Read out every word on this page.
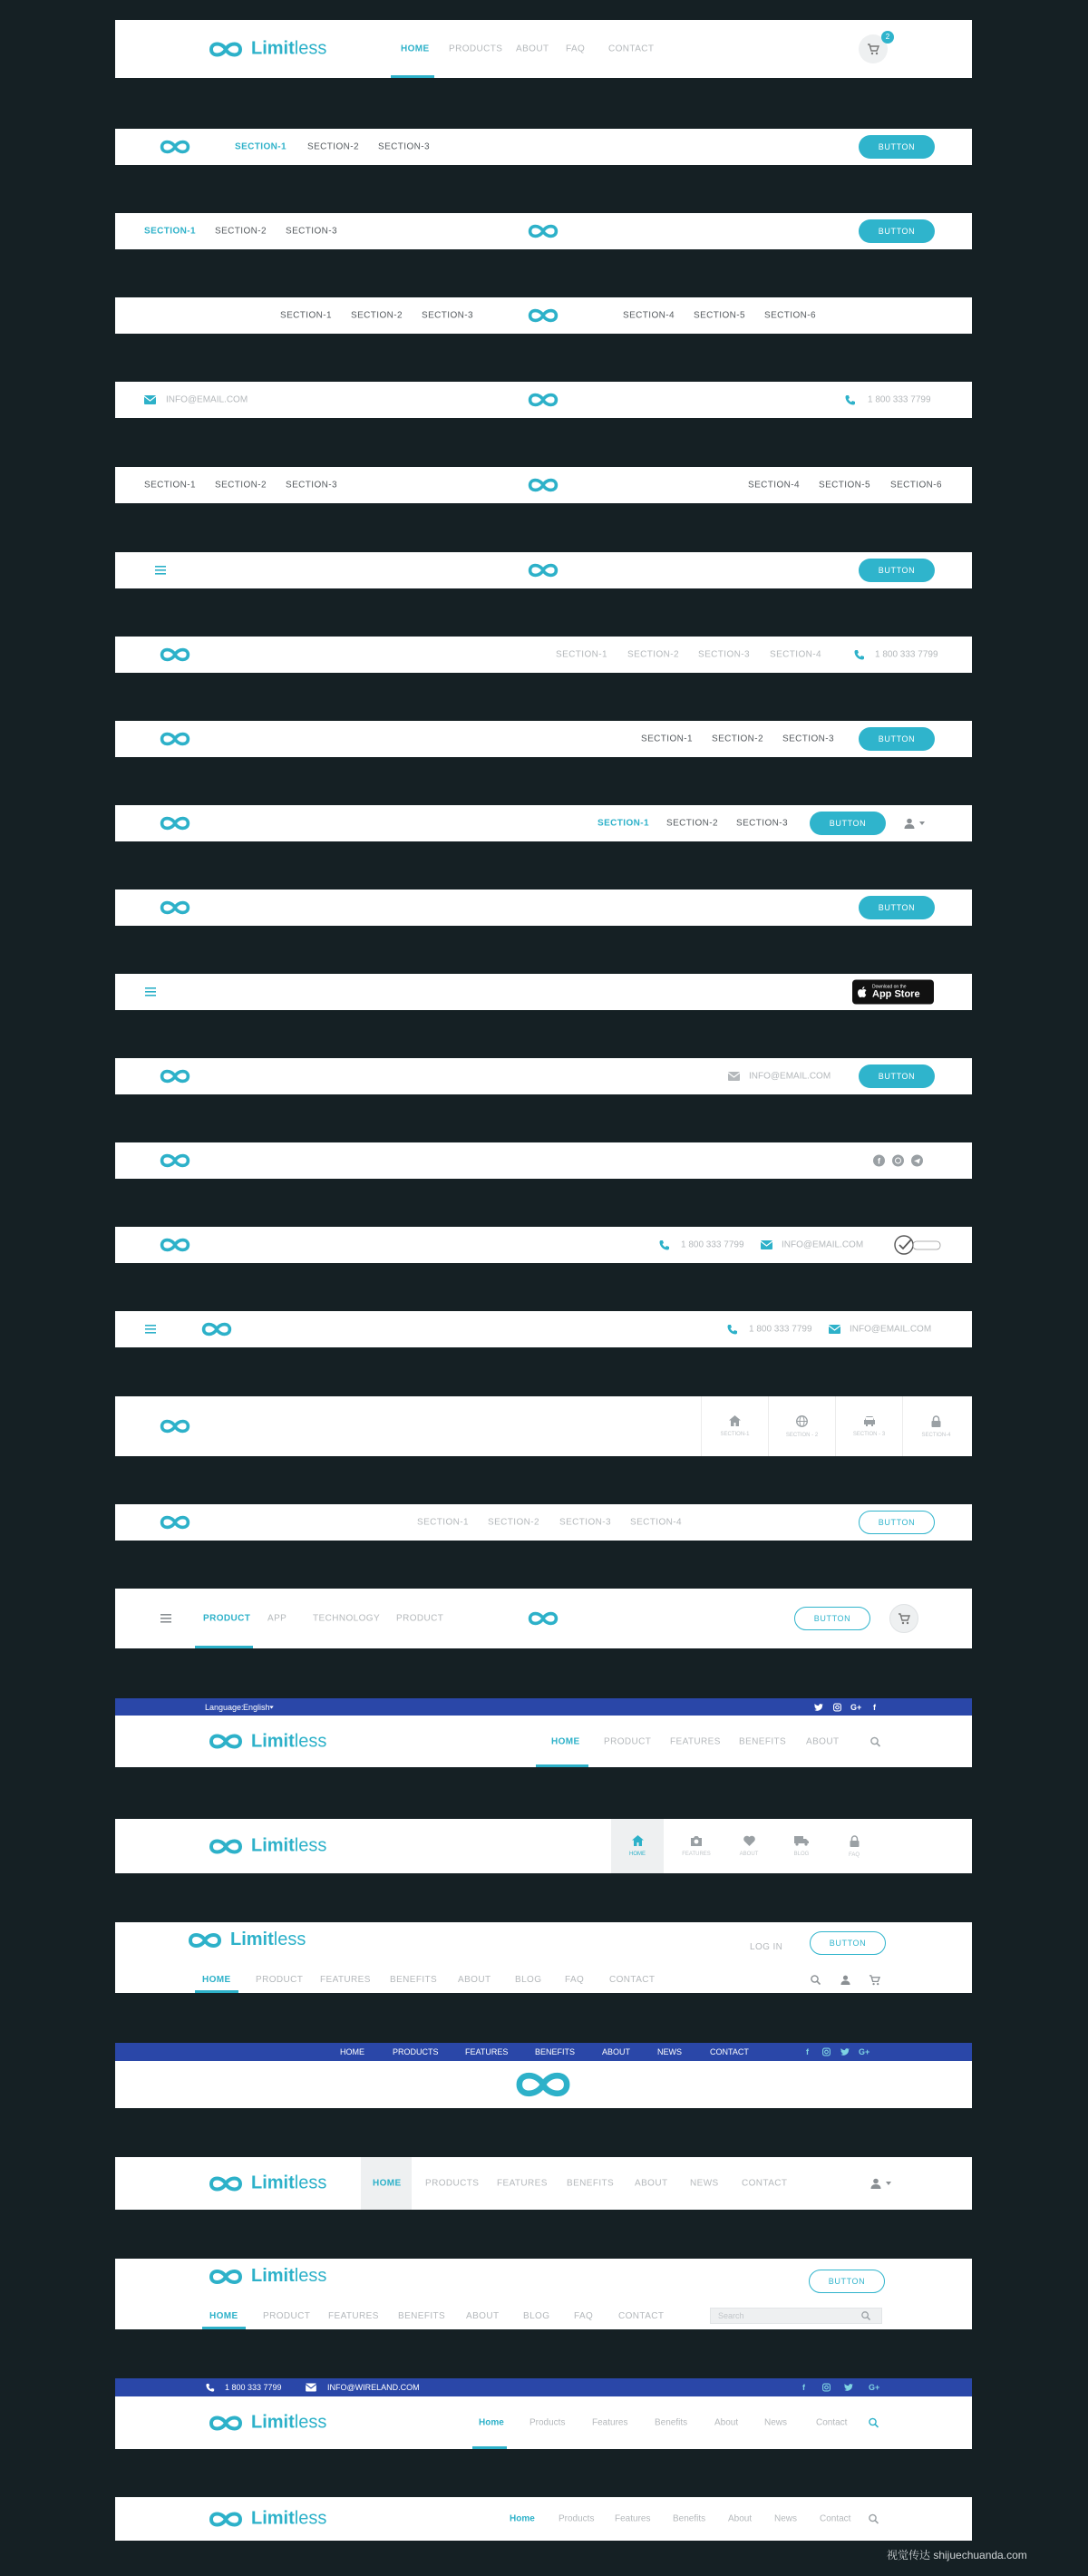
Limitless	HOME PRODUCTS ABOUT FAQ	CONTACT
2
SECTION-1 SECTION-2 SECTION-3	BUTTON
SECTION-1 SECTION-2 SECTION-3	BUTTON
SECTION-1 SECTION-2 SECTION-3	SECTION-4 SECTION-5 SECTION-6
INFO@EMAIL.COM	1 800 333 7799
SECTION-1 SECTION-2 SECTION-3	SECTION-4 SECTION-5 SECTION-6
BUTTON
SECTION-1 SECTION-2 SECTION-3 SECTION-4	1 800 333 7799
SECTION-1 SECTION-2 SECTION-3	BUTTON
SECTION-1 SECTION-2 SECTION-3	BUTTON
BUTTON
Download on the
App Store
INFO@EMAIL.COM	BUTTON
f
1 800 333 7799	INFO@EMAIL.COM
1 800 333 7799	INFO@EMAIL.COM
SECTION-1	SECTION - 2	SECTION - 3	SECTION-4
SECTION-1 SECTION-2 SECTION-3 SECTION-4	BUTTON
PRODUCT APP	TECHNOLOGY PRODUCT	BUTTON
Language: English	G+ f
Limitless	HOME	PRODUCT FEATURES BENEFITS ABOUT
Limitless	HOME	FEATURES	ABOUT	BLOG	FAQ
Limitless	LOG IN	BUTTON
HOME	PRODUCT FEATURES BENEFITS ABOUT	BLOG	FAQ	CONTACT
HOME	PRODUCTS	FEATURES	BENEFITS	ABOUT	NEWS	CONTACT	f	G+
Limitless	HOME	PRODUCTS FEATURES BENEFITS ABOUT NEWS	CONTACT
Limitless	BUTTON
HOME	PRODUCT FEATURES BENEFITS ABOUT	BLOG	FAQ	CONTACT	Search
1 800 333 7799	INFO@WIRELAND.COM	f	G+
Limitless	Home	Products	Features	Benefits	About	News	Contact
Limitless	Home	Products Features Benefits About News Contact
视觉传达 shijuechuanda.com
